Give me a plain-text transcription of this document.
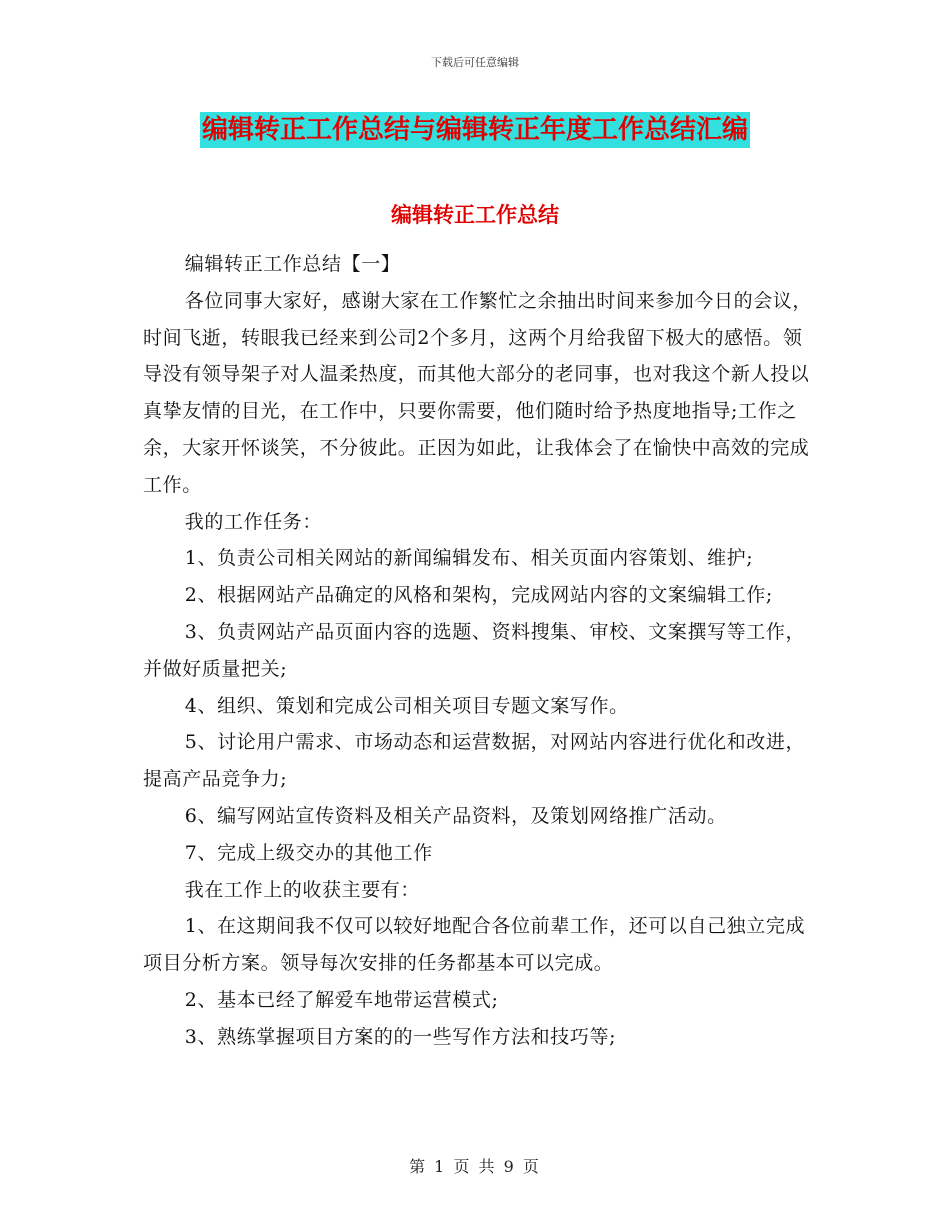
下载后可任意编辑
编辑转正工作总结与编辑转正年度工作总结汇编
编辑转正工作总结

编辑转正工作总结【一】

各位同事大家好，感谢大家在工作繁忙之余抽出时间来参加今日的会议，时间飞逝，转眼我已经来到公司2个多月，这两个月给我留下极大的感悟。领导没有领导架子对人温柔热度，而其他大部分的老同事，也对我这个新人投以真挚友情的目光，在工作中，只要你需要，他们随时给予热度地指导;工作之余，大家开怀谈笑，不分彼此。正因为如此，让我体会了在愉快中高效的完成工作。

我的工作任务：

1、负责公司相关网站的新闻编辑发布、相关页面内容策划、维护;

2、根据网站产品确定的风格和架构，完成网站内容的文案编辑工作;

3、负责网站产品页面内容的选题、资料搜集、审校、文案撰写等工作，并做好质量把关;

4、组织、策划和完成公司相关项目专题文案写作。

5、讨论用户需求、市场动态和运营数据，对网站内容进行优化和改进，提高产品竞争力;

6、编写网站宣传资料及相关产品资料，及策划网络推广活动。

7、完成上级交办的其他工作

我在工作上的收获主要有：

1、在这期间我不仅可以较好地配合各位前辈工作，还可以自己独立完成项目分析方案。领导每次安排的任务都基本可以完成。

2、基本已经了解爱车地带运营模式;

3、熟练掌握项目方案的的一些写作方法和技巧等;

第 1 页 共 9 页
